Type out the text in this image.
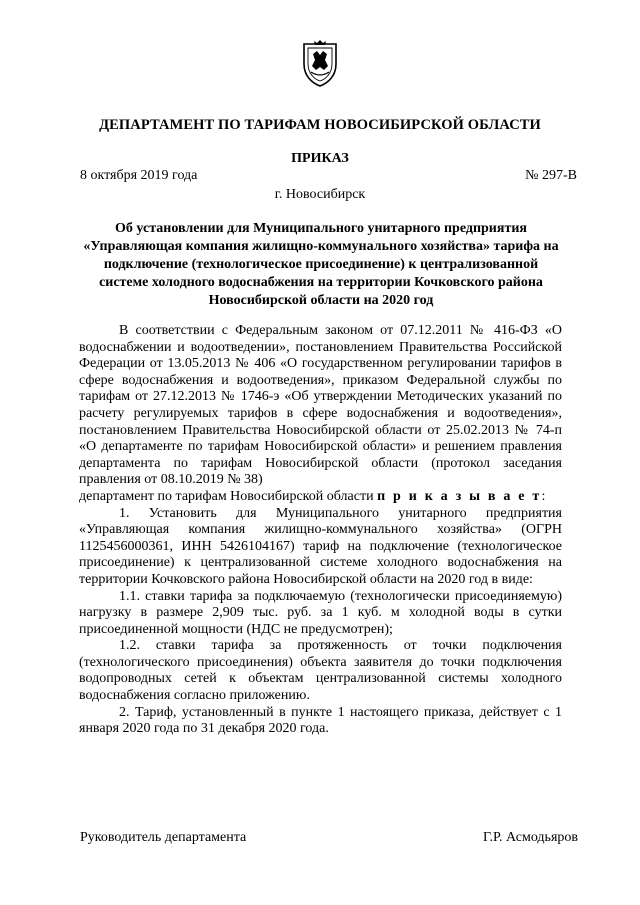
ДЕПАРТАМЕНТ ПО ТАРИФАМ НОВОСИБИРСКОЙ ОБЛАСТИ
ПРИКАЗ
8 октября 2019 года	№ 297-В
г. Новосибирск
Об установлении для Муниципального унитарного предприятия «Управляющая компания жилищно-коммунального хозяйства» тарифа на подключение (технологическое присоединение) к централизованной системе холодного водоснабжения на территории Кочковского района Новосибирской области на 2020 год

В соответствии с Федеральным законом от 07.12.2011 № 416-ФЗ «О водоснабжении и водоотведении», постановлением Правительства Российской Федерации от 13.05.2013 № 406 «О государственном регулировании тарифов в сфере водоснабжения и водоотведения», приказом Федеральной службы по тарифам от 27.12.2013 № 1746-э «Об утверждении Методических указаний по расчету регулируемых тарифов в сфере водоснабжения и водоотведения», постановлением Правительства Новосибирской области от 25.02.2013 № 74-п «О департаменте по тарифам Новосибирской области» и решением правления департамента по тарифам Новосибирской области (протокол заседания правления от 08.10.2019 № 38)

департамент по тарифам Новосибирской области п р и к а з ы в а е т:

1. Установить для Муниципального унитарного предприятия «Управляющая компания жилищно-коммунального хозяйства» (ОГРН 1125456000361, ИНН 5426104167) тариф на подключение (технологическое присоединение) к централизованной системе холодного водоснабжения на территории Кочковского района Новосибирской области на 2020 год в виде:

1.1. ставки тарифа за подключаемую (технологически присоединяемую) нагрузку в размере 2,909 тыс. руб. за 1 куб. м холодной воды в сутки присоединенной мощности (НДС не предусмотрен);

1.2. ставки тарифа за протяженность от точки подключения (технологического присоединения) объекта заявителя до точки подключения водопроводных сетей к объектам централизованной системы холодного водоснабжения согласно приложению.

2. Тариф, установленный в пункте 1 настоящего приказа, действует с 1 января 2020 года по 31 декабря 2020 года.

Руководитель департамента	Г.Р. Асмодьяров
